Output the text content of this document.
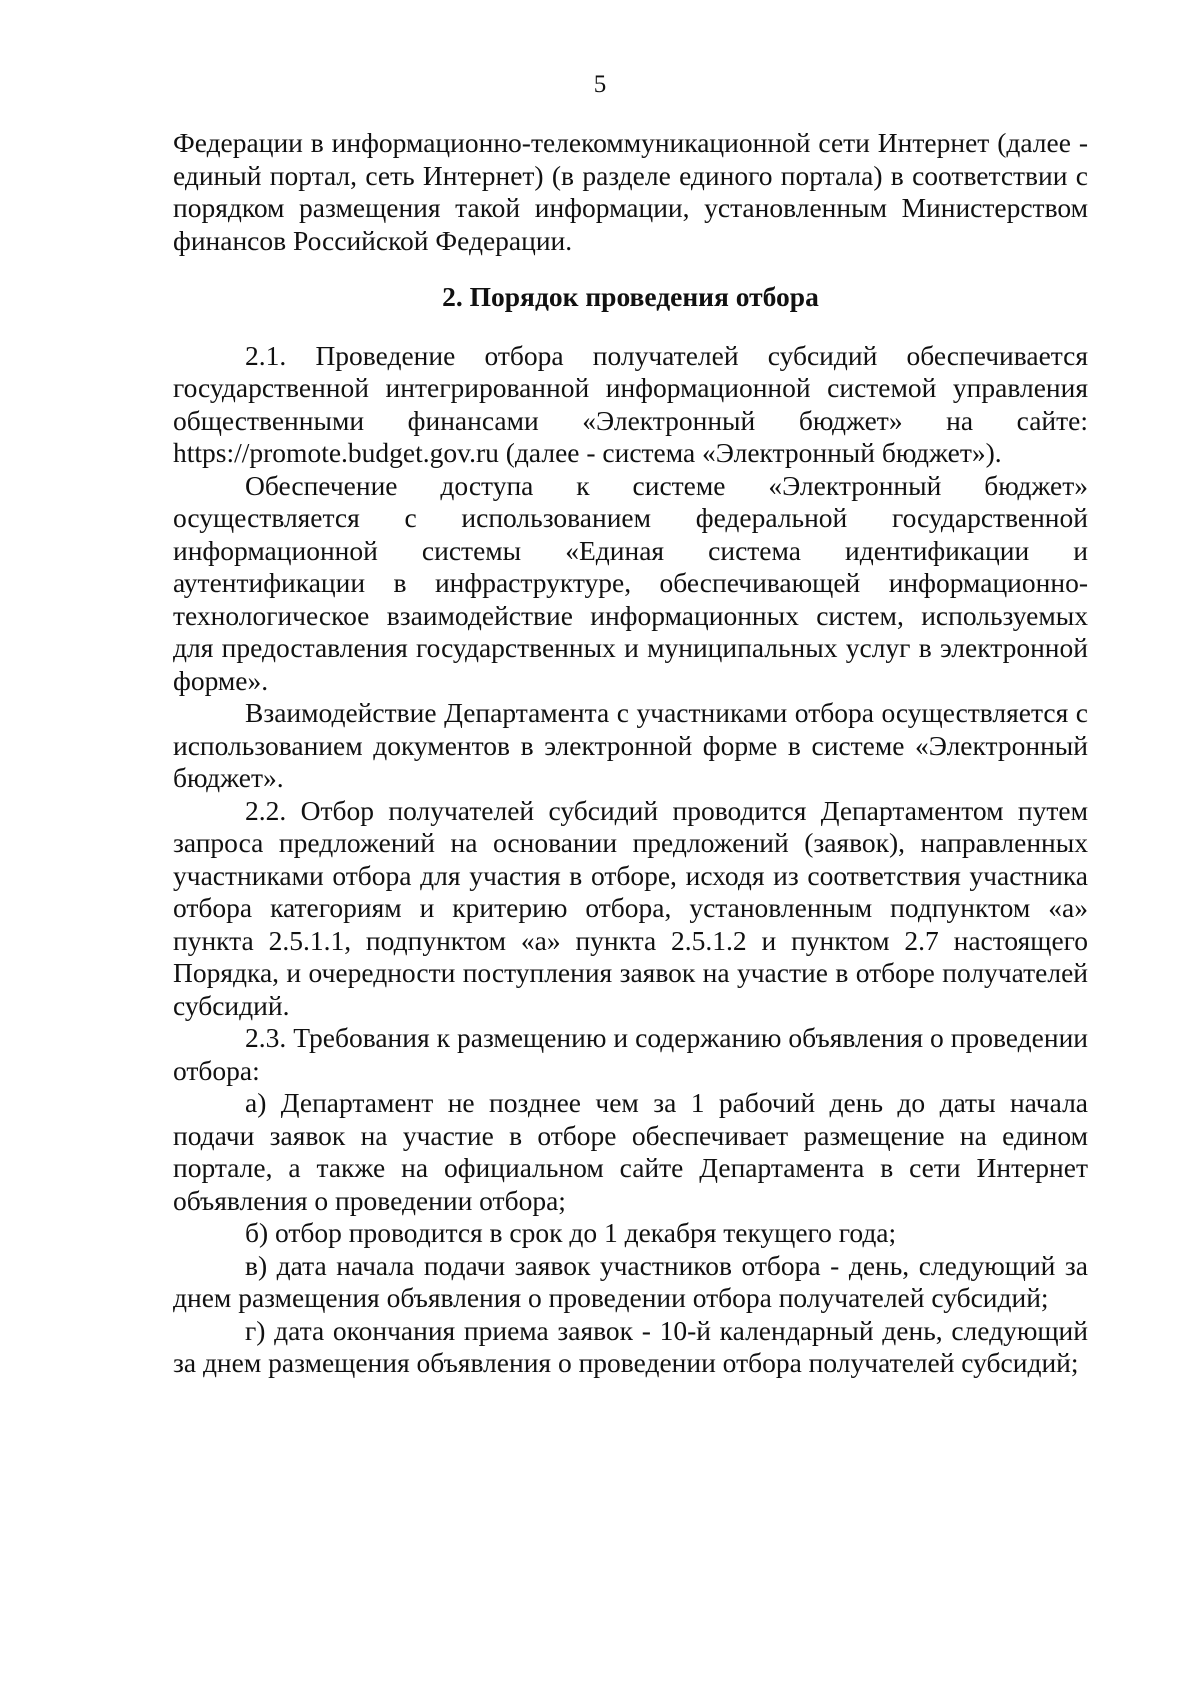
5

Федерации в информационно-телекоммуникационной сети Интернет (далее - единый портал, сеть Интернет) (в разделе единого портала) в соответствии с порядком размещения такой информации, установленным Министерством финансов Российской Федерации.

2. Порядок проведения отбора

2.1. Проведение отбора получателей субсидий обеспечивается государственной интегрированной информационной системой управления общественными финансами «Электронный бюджет» на сайте: https://promote.budget.gov.ru (далее - система «Электронный бюджет»).

Обеспечение доступа к системе «Электронный бюджет» осуществляется с использованием федеральной государственной информационной системы «Единая система идентификации и аутентификации в инфраструктуре, обеспечивающей информационно-технологическое взаимодействие информационных систем, используемых для предоставления государственных и муниципальных услуг в электронной форме».

Взаимодействие Департамента с участниками отбора осуществляется с использованием документов в электронной форме в системе «Электронный бюджет».

2.2. Отбор получателей субсидий проводится Департаментом путем запроса предложений на основании предложений (заявок), направленных участниками отбора для участия в отборе, исходя из соответствия участника отбора категориям и критерию отбора, установленным подпунктом «а» пункта 2.5.1.1, подпунктом «а» пункта 2.5.1.2 и пунктом 2.7 настоящего Порядка, и очередности поступления заявок на участие в отборе получателей субсидий.

2.3. Требования к размещению и содержанию объявления о проведении отбора:

а) Департамент не позднее чем за 1 рабочий день до даты начала подачи заявок на участие в отборе обеспечивает размещение на едином портале, а также на официальном сайте Департамента в сети Интернет объявления о проведении отбора;

б) отбор проводится в срок до 1 декабря текущего года;

в) дата начала подачи заявок участников отбора - день, следующий за днем размещения объявления о проведении отбора получателей субсидий;

г) дата окончания приема заявок - 10-й календарный день, следующий за днем размещения объявления о проведении отбора получателей субсидий;
